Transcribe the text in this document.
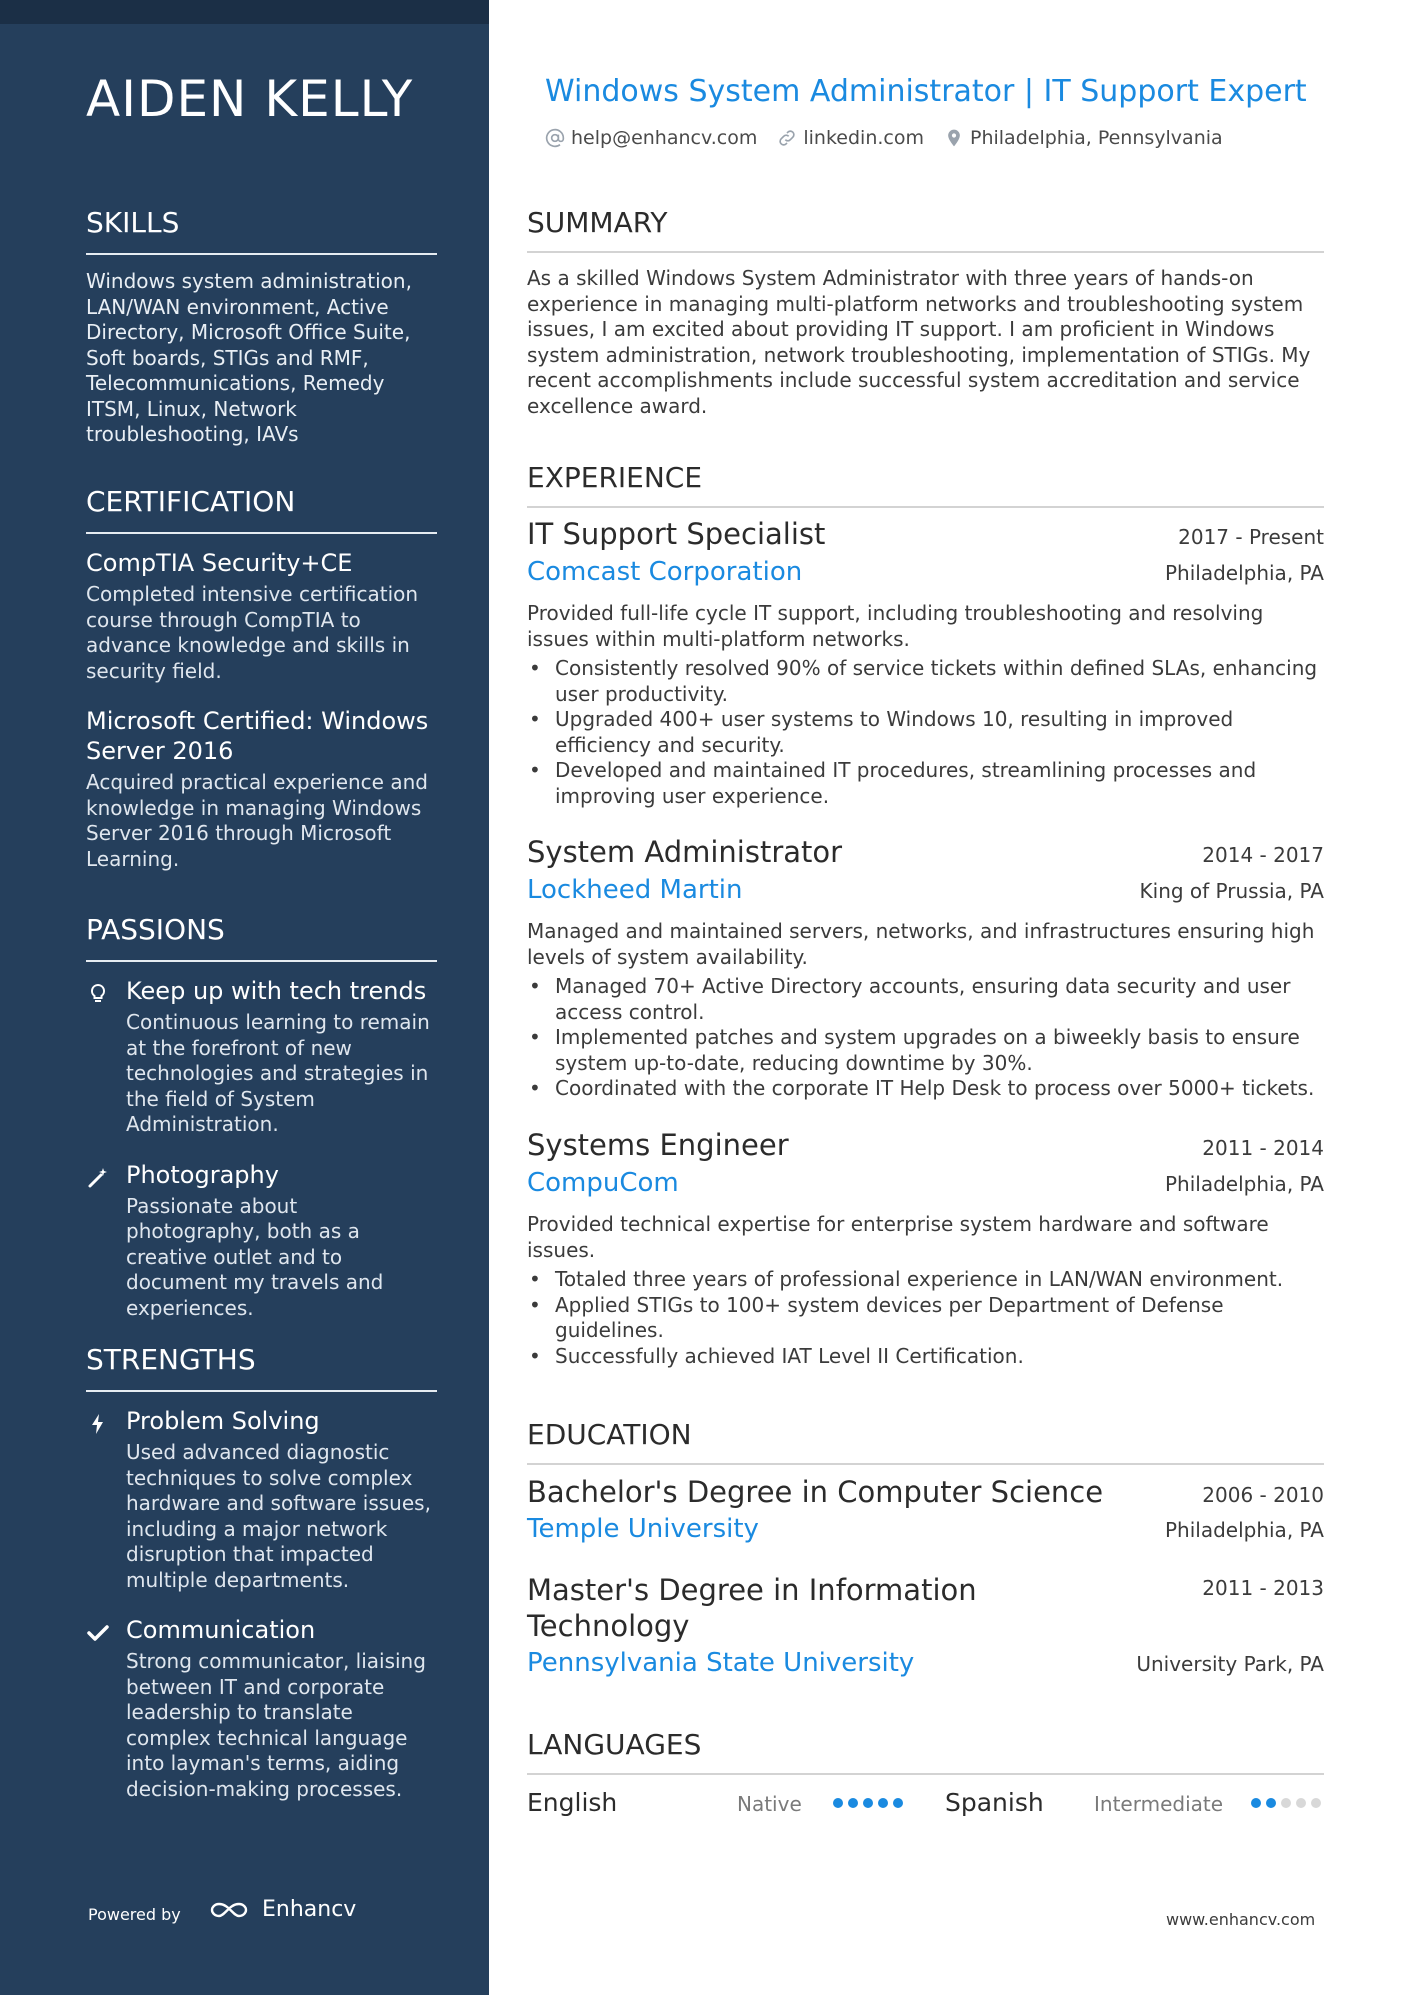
AIDEN KELLY
SKILLS
Windows system administration, LAN/WAN environment, Active Directory, Microsoft Office Suite, Soft boards, STIGs and RMF, Telecommunications, Remedy ITSM, Linux, Network troubleshooting, IAVs
CERTIFICATION
CompTIA Security+CE
Completed intensive certification course through CompTIA to advance knowledge and skills in security field.
Microsoft Certified: Windows Server 2016
Acquired practical experience and knowledge in managing Windows Server 2016 through Microsoft Learning.
PASSIONS
Keep up with tech trends
Continuous learning to remain at the forefront of new technologies and strategies in the field of System Administration.
Photography
Passionate about photography, both as a creative outlet and to document my travels and experiences.
STRENGTHS
Problem Solving
Used advanced diagnostic techniques to solve complex hardware and software issues, including a major network disruption that impacted multiple departments.
Communication
Strong communicator, liaising between IT and corporate leadership to translate complex technical language into layman's terms, aiding decision-making processes.
Powered by	Enhancv
Windows System Administrator | IT Support Expert
help@enhancv.com linkedin.com Philadelphia, Pennsylvania
SUMMARY
As a skilled Windows System Administrator with three years of hands-on experience in managing multi-platform networks and troubleshooting system issues, I am excited about providing IT support. I am proficient in Windows system administration, network troubleshooting, implementation of STIGs. My recent accomplishments include successful system accreditation and service excellence award.
EXPERIENCE
IT Support Specialist	2017 - Present
Comcast Corporation	Philadelphia, PA
Provided full-life cycle IT support, including troubleshooting and resolving issues within multi-platform networks.
• Consistently resolved 90% of service tickets within defined SLAs, enhancing user productivity.
• Upgraded 400+ user systems to Windows 10, resulting in improved efficiency and security.
• Developed and maintained IT procedures, streamlining processes and improving user experience.
System Administrator	2014 - 2017
Lockheed Martin	King of Prussia, PA
Managed and maintained servers, networks, and infrastructures ensuring high levels of system availability.
• Managed 70+ Active Directory accounts, ensuring data security and user access control.
• Implemented patches and system upgrades on a biweekly basis to ensure system up-to-date, reducing downtime by 30%.
• Coordinated with the corporate IT Help Desk to process over 5000+ tickets.
Systems Engineer	2011 - 2014
CompuCom	Philadelphia, PA
Provided technical expertise for enterprise system hardware and software issues.
• Totaled three years of professional experience in LAN/WAN environment.
• Applied STIGs to 100+ system devices per Department of Defense guidelines.
• Successfully achieved IAT Level II Certification.
EDUCATION
Bachelor's Degree in Computer Science	2006 - 2010
Temple University	Philadelphia, PA
Master's Degree in Information Technology
2011 - 2013
Pennsylvania State University	University Park, PA
LANGUAGES
English	Native	Spanish	Intermediate
www.enhancv.com
